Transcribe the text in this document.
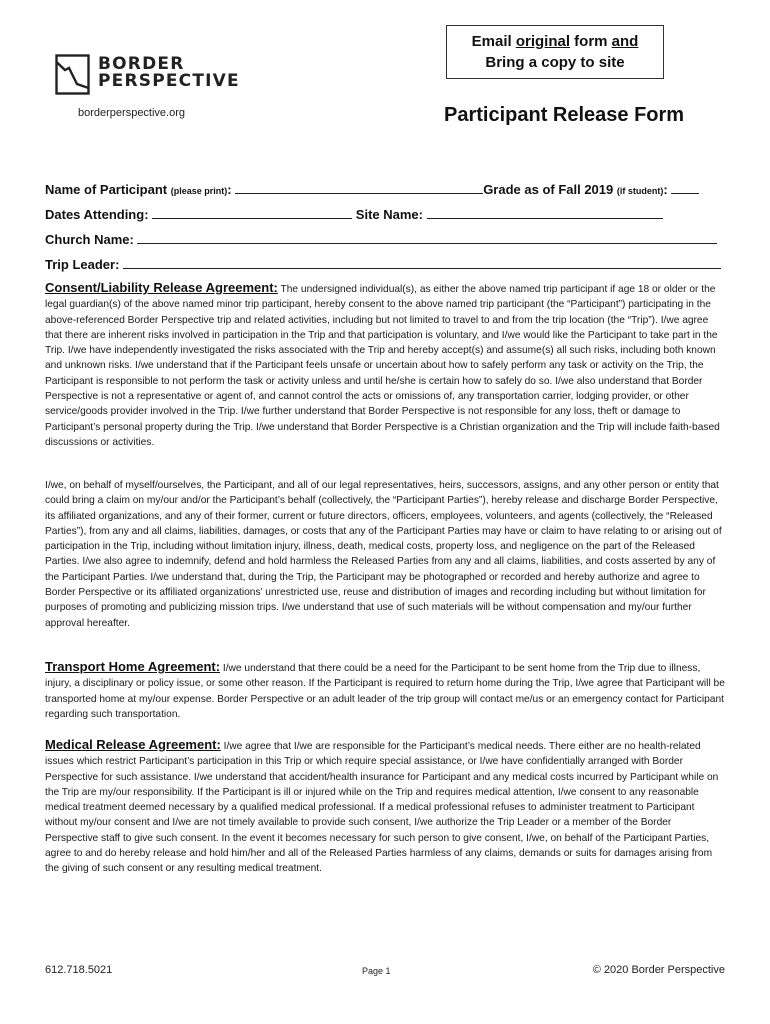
BORDER
PERSPECTIVE
borderperspective.org
Email original form and
Bring a copy to site
Participant Release Form
Name of Participant (please print):	Grade as of Fall 2019 (if student):
Dates Attending:	Site Name:
Church Name:
Trip Leader:
Consent/Liability Release Agreement: The undersigned individual(s), as either the above named trip participant if age 18 or older or the legal guardian(s) of the above named minor trip participant, hereby consent to the above named trip participant (the “Participant”) participating in the above-referenced Border Perspective trip and related activities, including but not limited to travel to and from the trip location (the “Trip”). I/we agree that there are inherent risks involved in participation in the Trip and that participation is voluntary, and I/we would like the Participant to take part in the Trip. I/we have independently investigated the risks associated with the Trip and hereby accept(s) and assume(s) all such risks, including both known and unknown risks. I/we understand that if the Participant feels unsafe or uncertain about how to safely perform any task or activity on the Trip, the Participant is responsible to not perform the task or activity unless and until he/she is certain how to safely do so. I/we also understand that Border Perspective is not a representative or agent of, and cannot control the acts or omissions of, any transportation carrier, lodging provider, or other service/goods provider involved in the Trip. I/we further understand that Border Perspective is not responsible for any loss, theft or damage to Participant’s personal property during the Trip. I/we understand that Border Perspective is a Christian organization and the Trip will include faith-based discussions or activities.
I/we, on behalf of myself/ourselves, the Participant, and all of our legal representatives, heirs, successors, assigns, and any other person or entity that could bring a claim on my/our and/or the Participant’s behalf (collectively, the “Participant Parties”), hereby release and discharge Border Perspective, its affiliated organizations, and any of their former, current or future directors, officers, employees, volunteers, and agents (collectively, the “Released Parties”), from any and all claims, liabilities, damages, or costs that any of the Participant Parties may have or claim to have relating to or arising out of participation in the Trip, including without limitation injury, illness, death, medical costs, property loss, and negligence on the part of the Released Parties. I/we also agree to indemnify, defend and hold harmless the Released Parties from any and all claims, liabilities, and costs asserted by any of the Participant Parties. I/we understand that, during the Trip, the Participant may be photographed or recorded and hereby authorize and agree to Border Perspective or its affiliated organizations’ unrestricted use, reuse and distribution of images and recording including but without limitation for purposes of promoting and publicizing mission trips. I/we understand that use of such materials will be without compensation and my/our further approval hereafter.
Transport Home Agreement: I/we understand that there could be a need for the Participant to be sent home from the Trip due to illness, injury, a disciplinary or policy issue, or some other reason. If the Participant is required to return home during the Trip, I/we agree that Participant will be transported home at my/our expense. Border Perspective or an adult leader of the trip group will contact me/us or an emergency contact for Participant regarding such transportation.
Medical Release Agreement: I/we agree that I/we are responsible for the Participant’s medical needs. There either are no health-related issues which restrict Participant’s participation in this Trip or which require special assistance, or I/we have confidentially arranged with Border Perspective for such assistance. I/we understand that accident/health insurance for Participant and any medical costs incurred by Participant while on the Trip are my/our responsibility. If the Participant is ill or injured while on the Trip and requires medical attention, I/we consent to any reasonable medical treatment deemed necessary by a qualified medical professional. If a medical professional refuses to administer treatment to Participant without my/our consent and I/we are not timely available to provide such consent, I/we authorize the Trip Leader or a member of the Border Perspective staff to give such consent. In the event it becomes necessary for such person to give consent, I/we, on behalf of the Participant Parties, agree to and do hereby release and hold him/her and all of the Released Parties harmless of any claims, demands or suits for damages arising from the giving of such consent or any resulting medical treatment.
612.718.5021	Page 1	© 2020 Border Perspective
